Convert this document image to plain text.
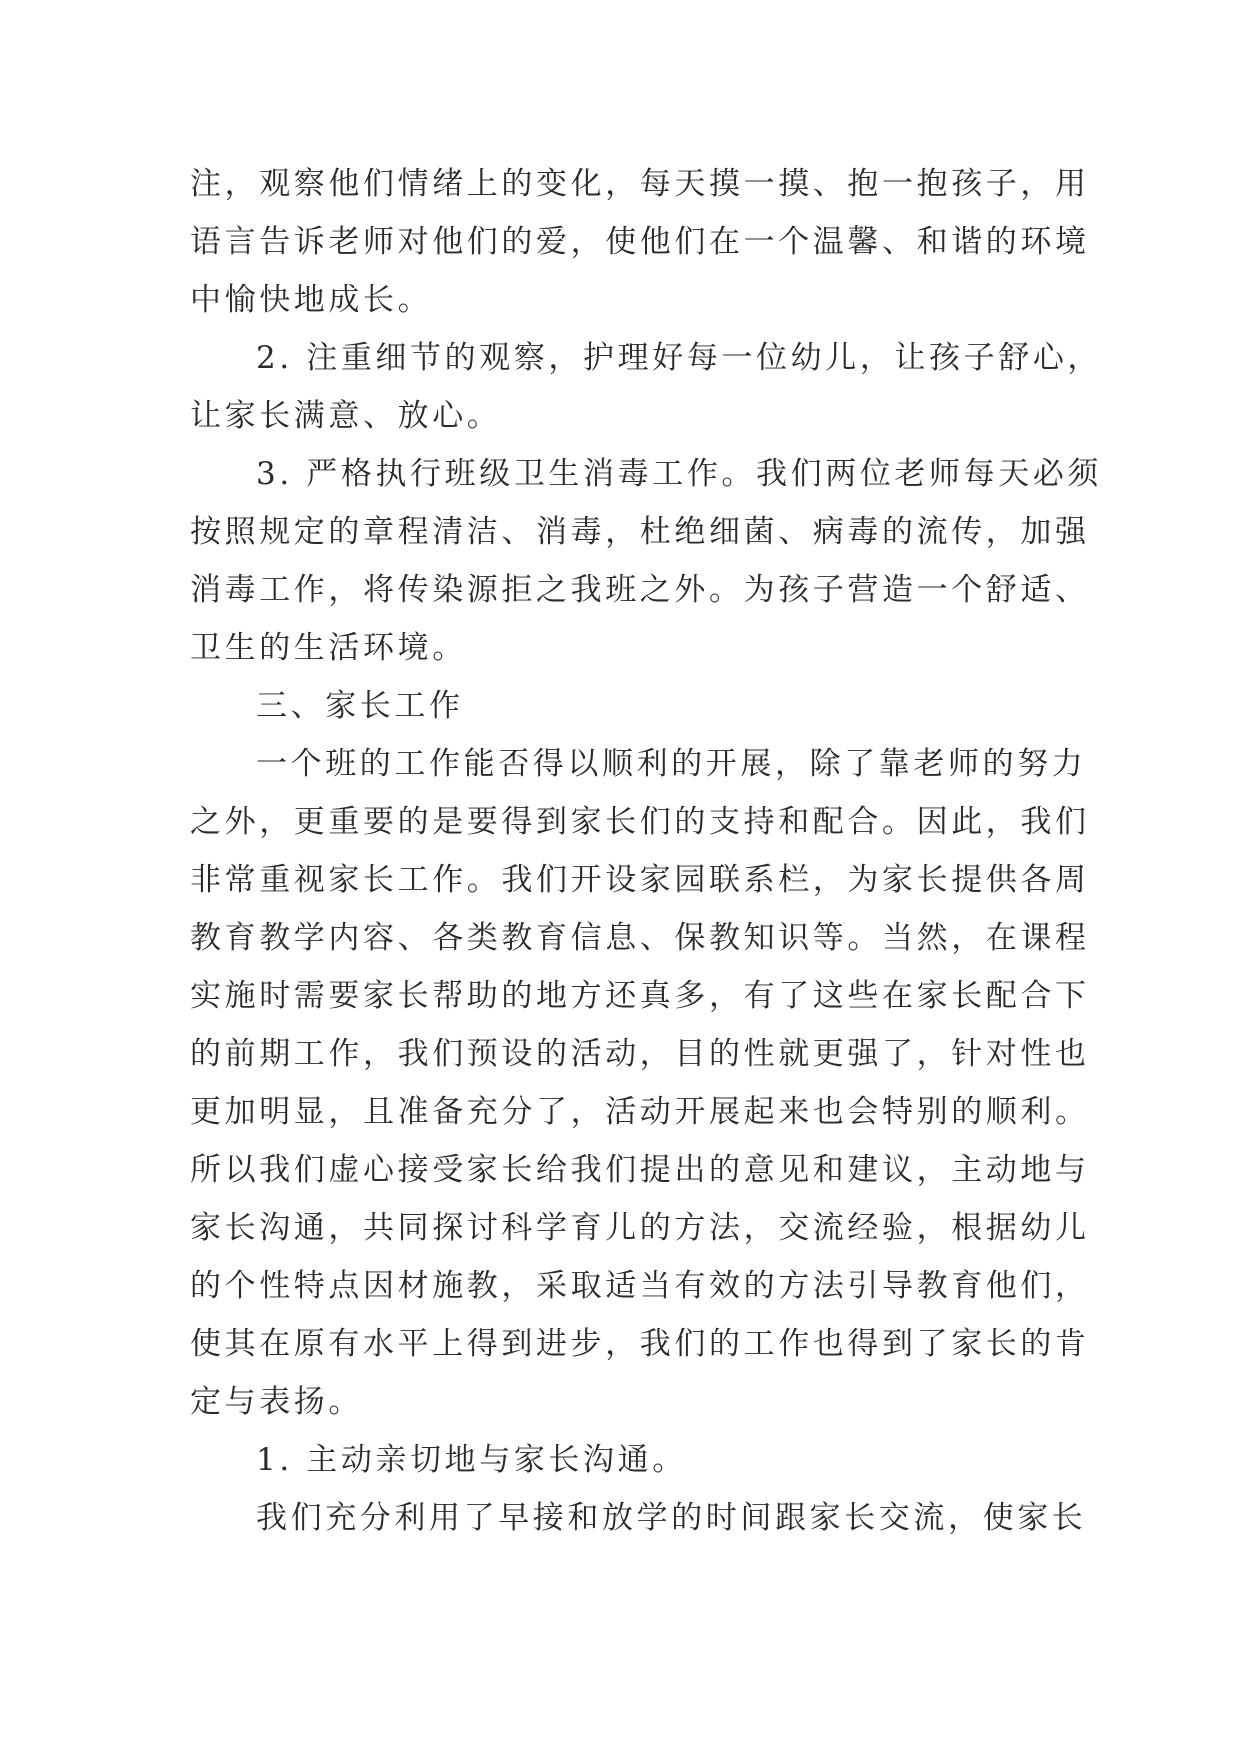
注，观察他们情绪上的变化，每天摸一摸、抱一抱孩子，用
语言告诉老师对他们的爱，使他们在一个温馨、和谐的环境
中愉快地成长。
2. 注重细节的观察，护理好每一位幼儿，让孩子舒心，
让家长满意、放心。
3. 严格执行班级卫生消毒工作。我们两位老师每天必须
按照规定的章程清洁、消毒，杜绝细菌、病毒的流传，加强
消毒工作，将传染源拒之我班之外。为孩子营造一个舒适、
卫生的生活环境。
三、家长工作
一个班的工作能否得以顺利的开展，除了靠老师的努力
之外，更重要的是要得到家长们的支持和配合。因此，我们
非常重视家长工作。我们开设家园联系栏，为家长提供各周
教育教学内容、各类教育信息、保教知识等。当然，在课程
实施时需要家长帮助的地方还真多，有了这些在家长配合下
的前期工作，我们预设的活动，目的性就更强了，针对性也
更加明显，且准备充分了，活动开展起来也会特别的顺利。
所以我们虚心接受家长给我们提出的意见和建议，主动地与
家长沟通，共同探讨科学育儿的方法，交流经验，根据幼儿
的个性特点因材施教，采取适当有效的方法引导教育他们，
使其在原有水平上得到进步，我们的工作也得到了家长的肯
定与表扬。
1. 主动亲切地与家长沟通。
我们充分利用了早接和放学的时间跟家长交流，使家长
